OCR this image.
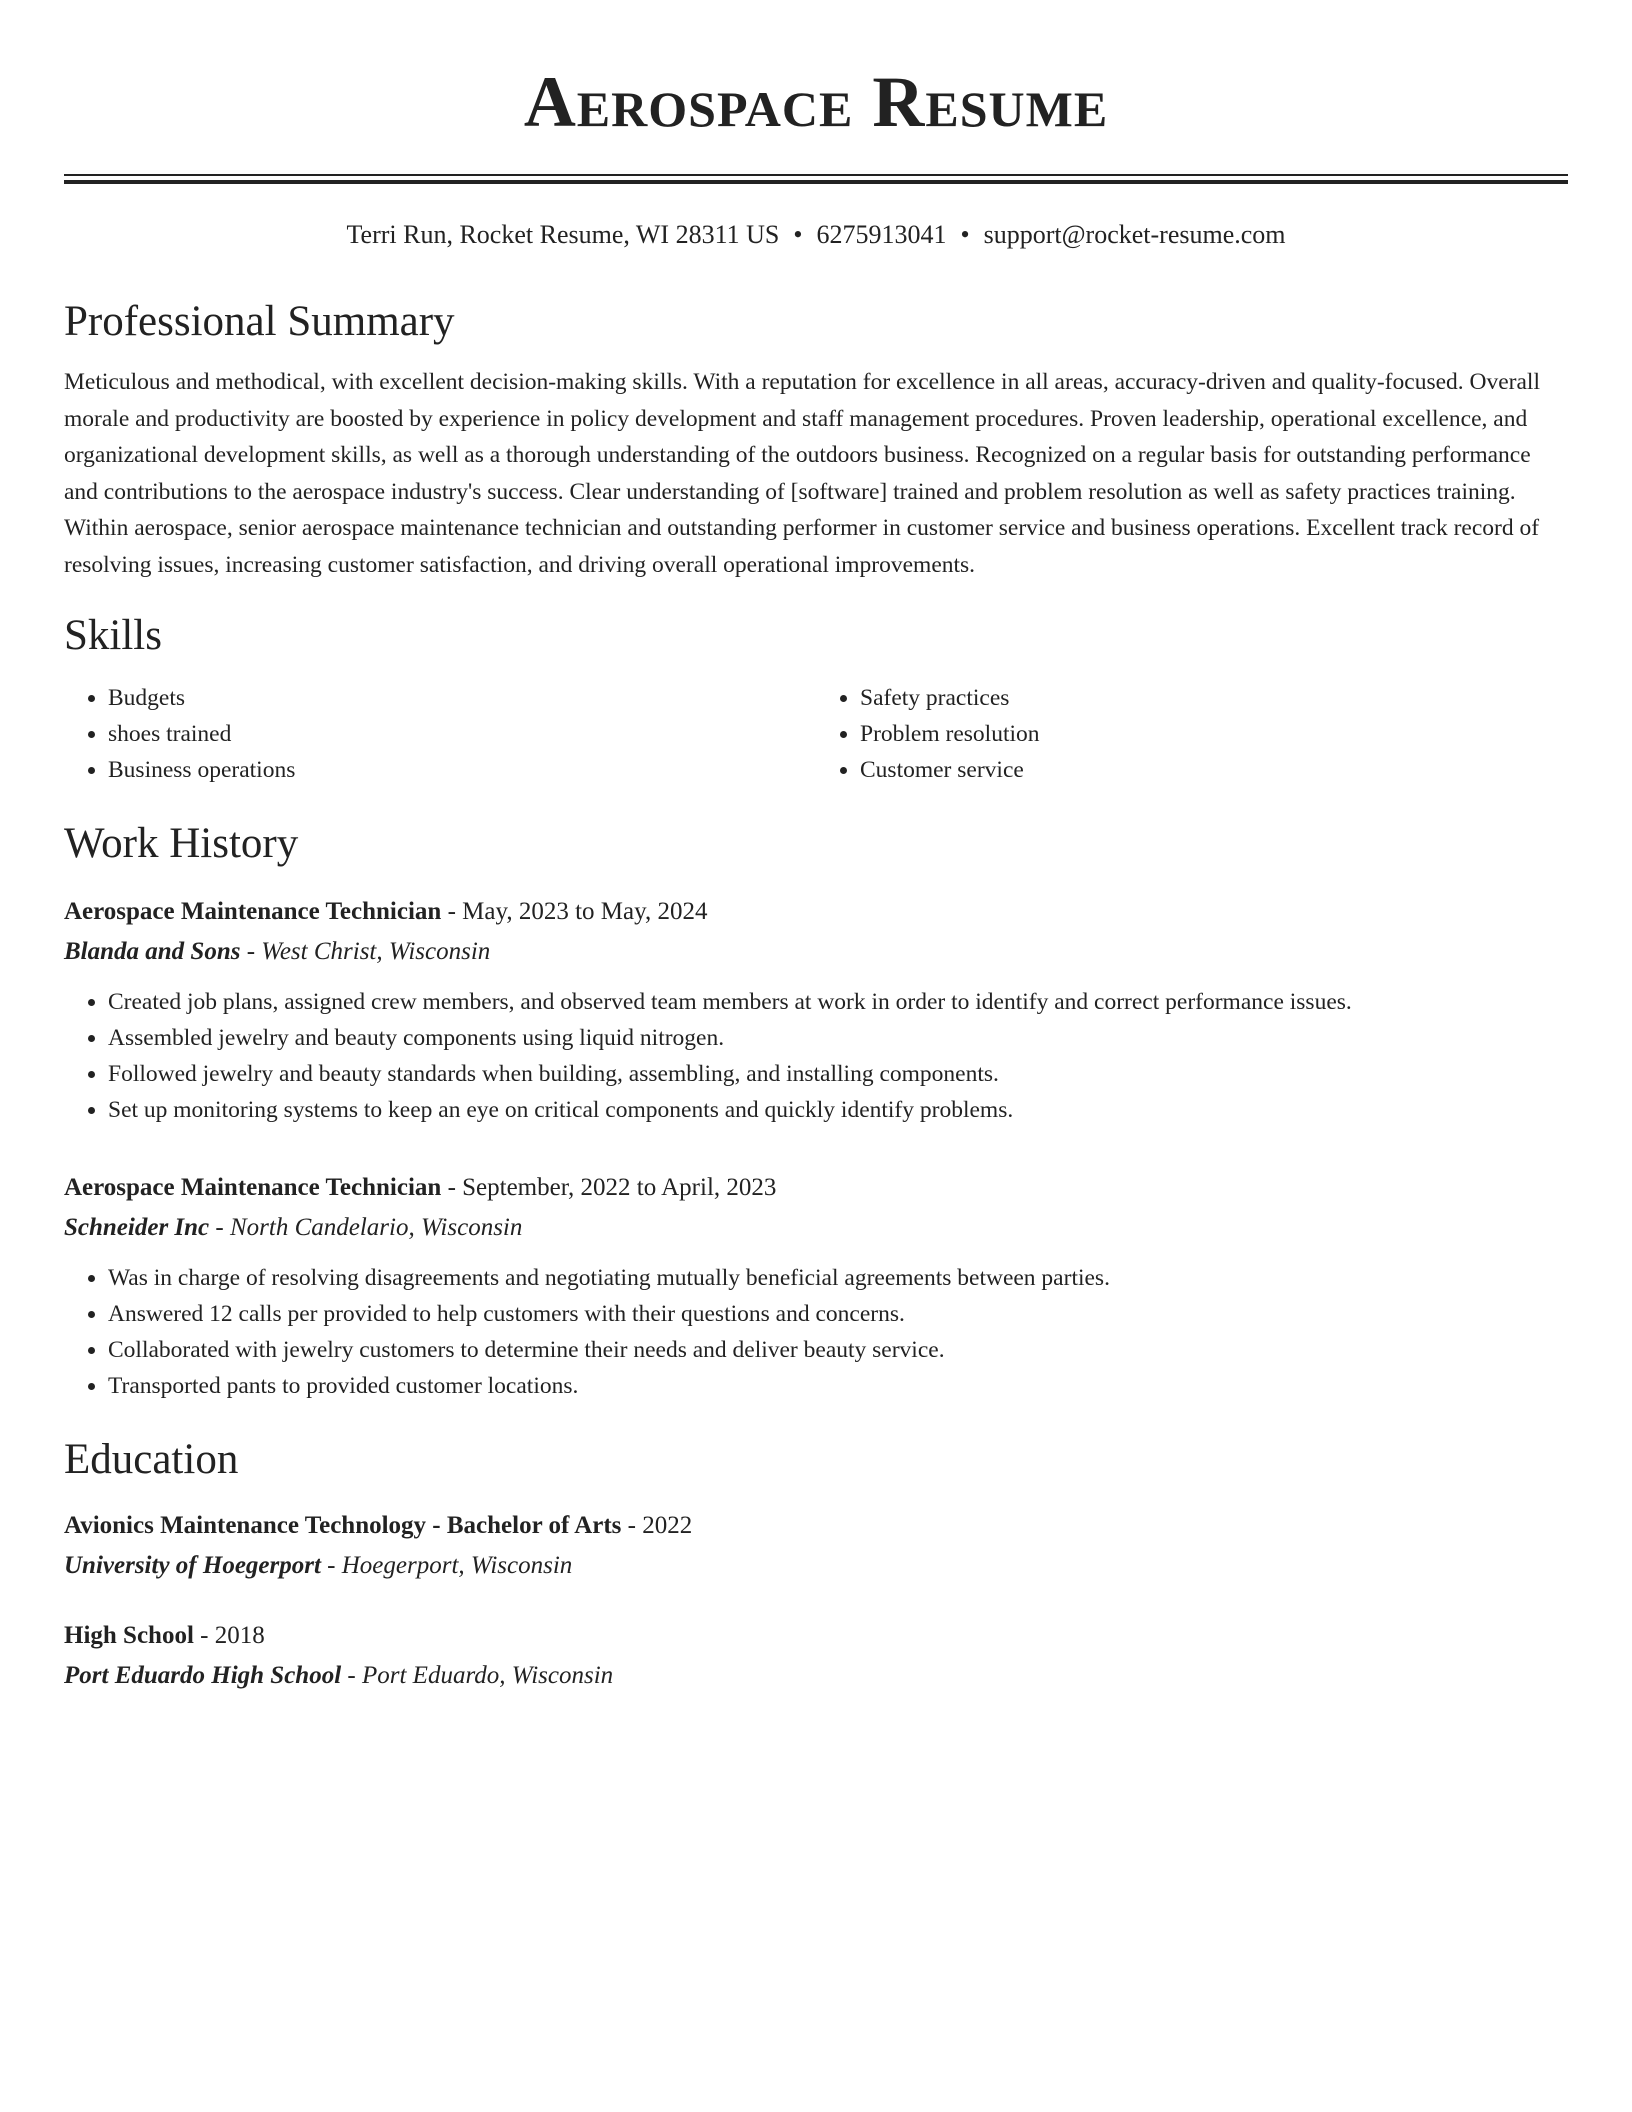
Aerospace Resume
Terri Run, Rocket Resume, WI 28311 US • 6275913041 • support@rocket-resume.com
Professional Summary

Meticulous and methodical, with excellent decision-making skills. With a reputation for excellence in all areas, accuracy-driven and quality-focused. Overall morale and productivity are boosted by experience in policy development and staff management procedures. Proven leadership, operational excellence, and organizational development skills, as well as a thorough understanding of the outdoors business. Recognized on a regular basis for outstanding performance and contributions to the aerospace industry's success. Clear understanding of [software] trained and problem resolution as well as safety practices training. Within aerospace, senior aerospace maintenance technician and outstanding performer in customer service and business operations. Excellent track record of resolving issues, increasing customer satisfaction, and driving overall operational improvements.

Skills
• Budgets
• shoes trained
• Business operations
• Safety practices
• Problem resolution
• Customer service
Work History
Aerospace Maintenance Technician - May, 2023 to May, 2024
Blanda and Sons - West Christ, Wisconsin
• Created job plans, assigned crew members, and observed team members at work in order to identify and correct performance issues.
• Assembled jewelry and beauty components using liquid nitrogen.
• Followed jewelry and beauty standards when building, assembling, and installing components.
• Set up monitoring systems to keep an eye on critical components and quickly identify problems.
Aerospace Maintenance Technician - September, 2022 to April, 2023
Schneider Inc - North Candelario, Wisconsin
• Was in charge of resolving disagreements and negotiating mutually beneficial agreements between parties.
• Answered 12 calls per provided to help customers with their questions and concerns.
• Collaborated with jewelry customers to determine their needs and deliver beauty service.
• Transported pants to provided customer locations.
Education
Avionics Maintenance Technology - Bachelor of Arts - 2022
University of Hoegerport - Hoegerport, Wisconsin
High School - 2018
Port Eduardo High School - Port Eduardo, Wisconsin
